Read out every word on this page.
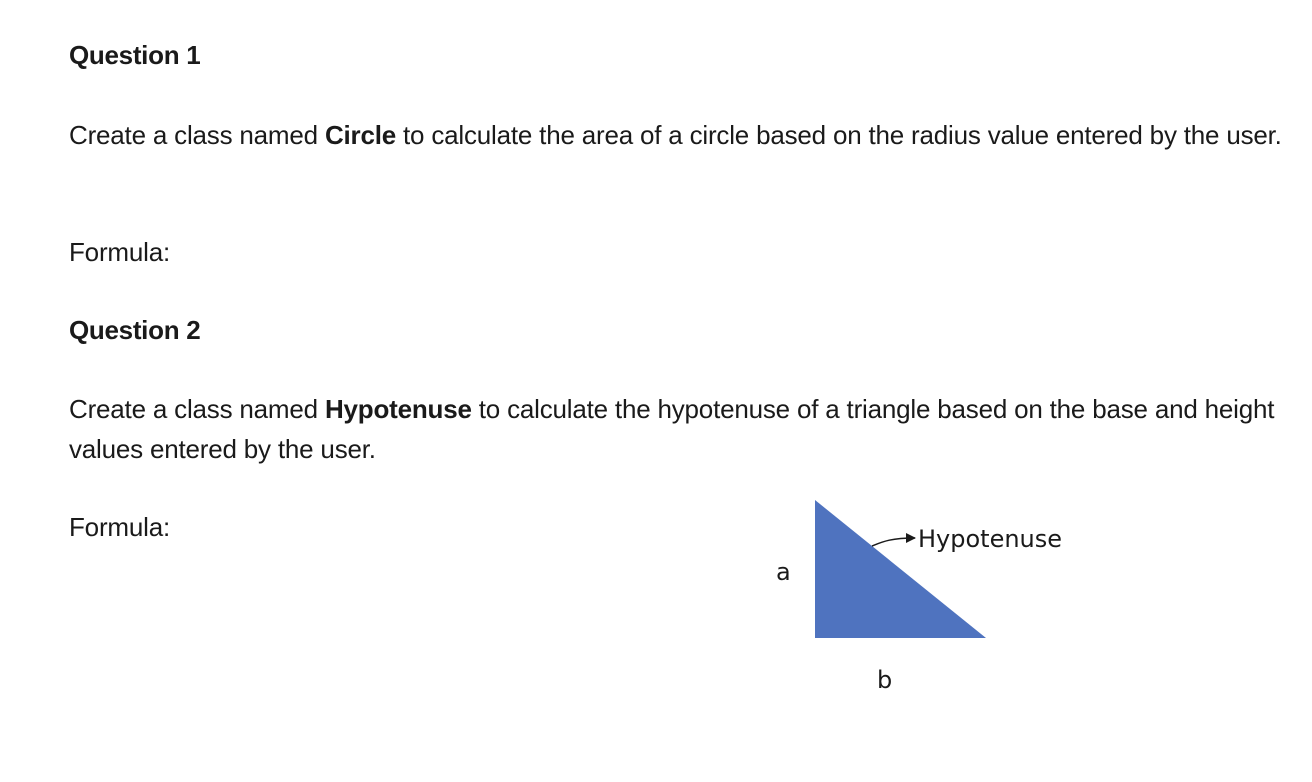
Question 1

Create a class named Circle to calculate the area of a circle based on the radius value entered by the user.

Formula:

Question 2

Create a class named Hypotenuse to calculate the hypotenuse of a triangle based on the base and height values entered by the user.

Formula:	Hypotenuse
a
b
